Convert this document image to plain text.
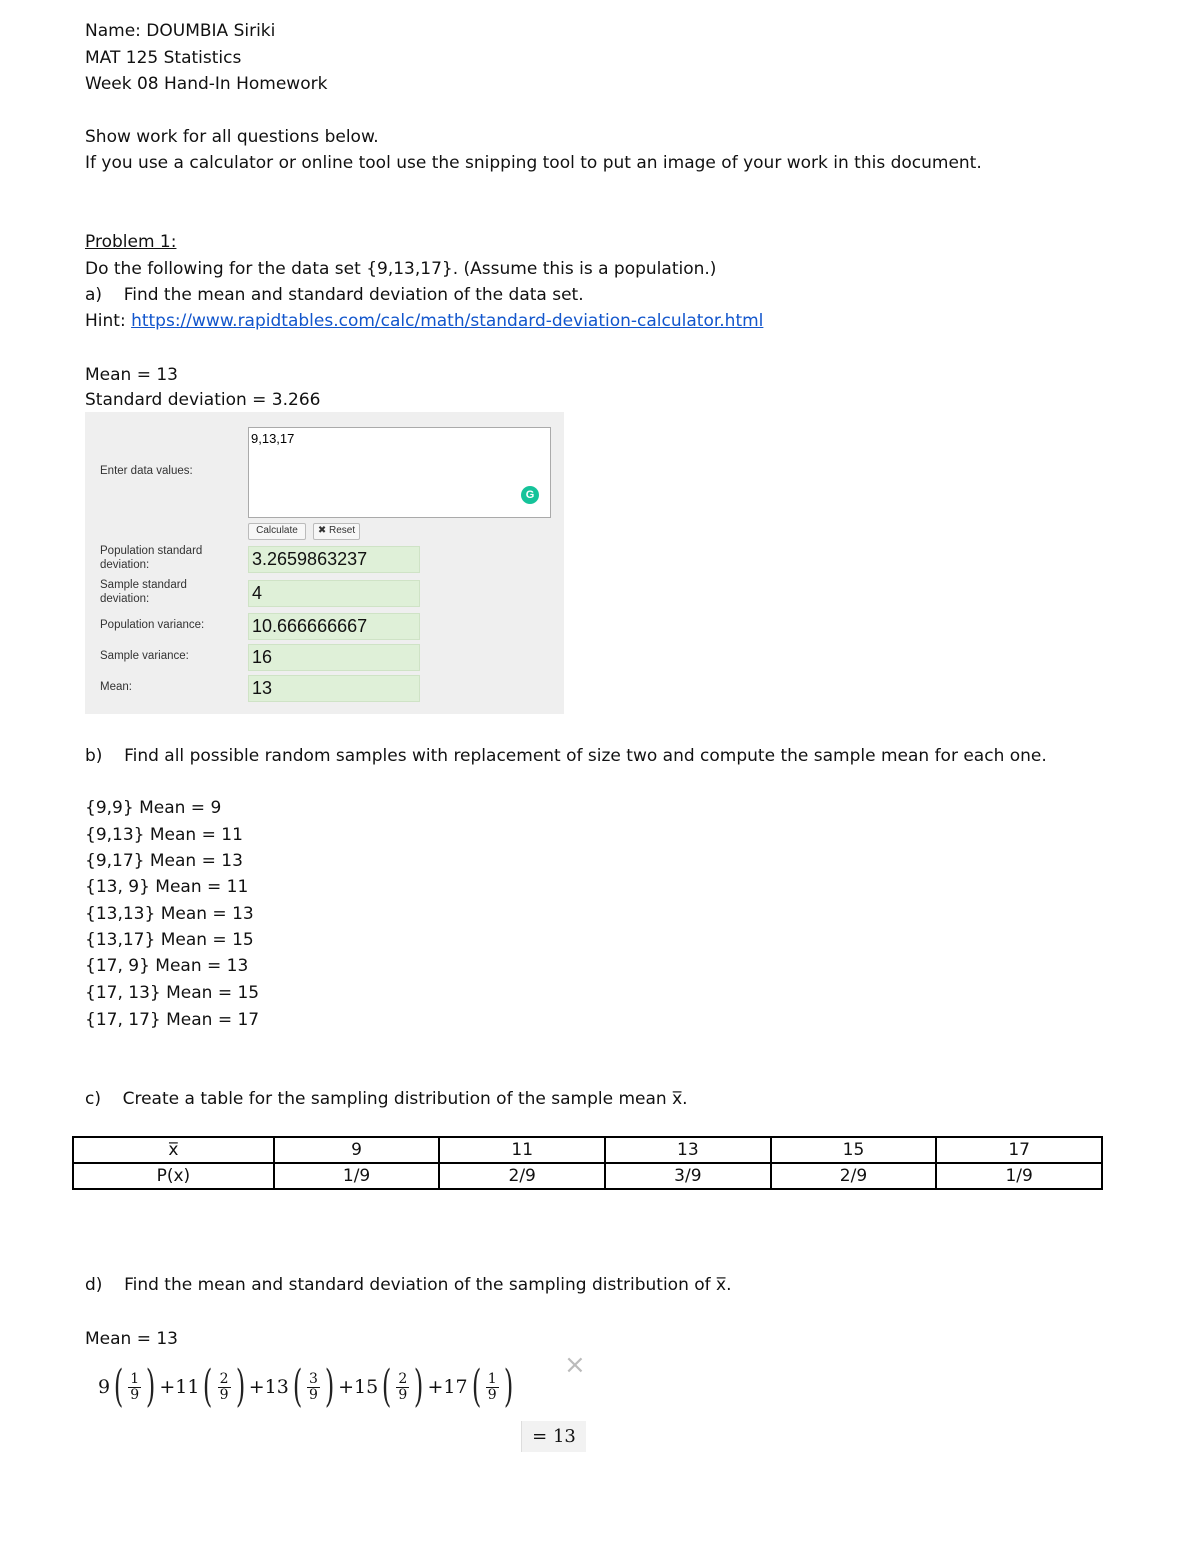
Name: DOUMBIA Siriki
MAT 125 Statistics
Week 08 Hand-In Homework
Show work for all questions below.
If you use a calculator or online tool use the snipping tool to put an image of your work in this document.
Problem 1:
Do the following for the data set {9,13,17}. (Assume this is a population.)
a) Find the mean and standard deviation of the data set.
Hint: https://www.rapidtables.com/calc/math/standard-deviation-calculator.html
Mean = 13
Standard deviation = 3.266
Enter data values:
9,13,17
G
Calculate	✖ Reset
Population standard deviation:	3.2659863237
Sample standard deviation:	4
Population variance:	10.666666667
Sample variance:	16
Mean:	13
b) Find all possible random samples with replacement of size two and compute the sample mean for each one.
{9,9} Mean = 9
{9,13} Mean = 11
{9,17} Mean = 13
{13, 9} Mean = 11
{13,13} Mean = 13
{13,17} Mean = 15
{17, 9} Mean = 13
{17, 13} Mean = 15
{17, 17} Mean = 17
c) Create a table for the sampling distribution of the sample mean x̅.
x̅	9	11	13	15	17
P(x)	1/9	2/9	3/9	2/9	1/9
d) Find the mean and standard deviation of the sampling distribution of x̅.
Mean = 13
9 ( $\frac{1}{9}$ ) + 11 ( $\frac{2}{9}$ ) + 13 ( $\frac{3}{9}$ ) + 15 ( $\frac{2}{9}$ ) + 17 ( $\frac{1}{9}$ ) ×
= 13
